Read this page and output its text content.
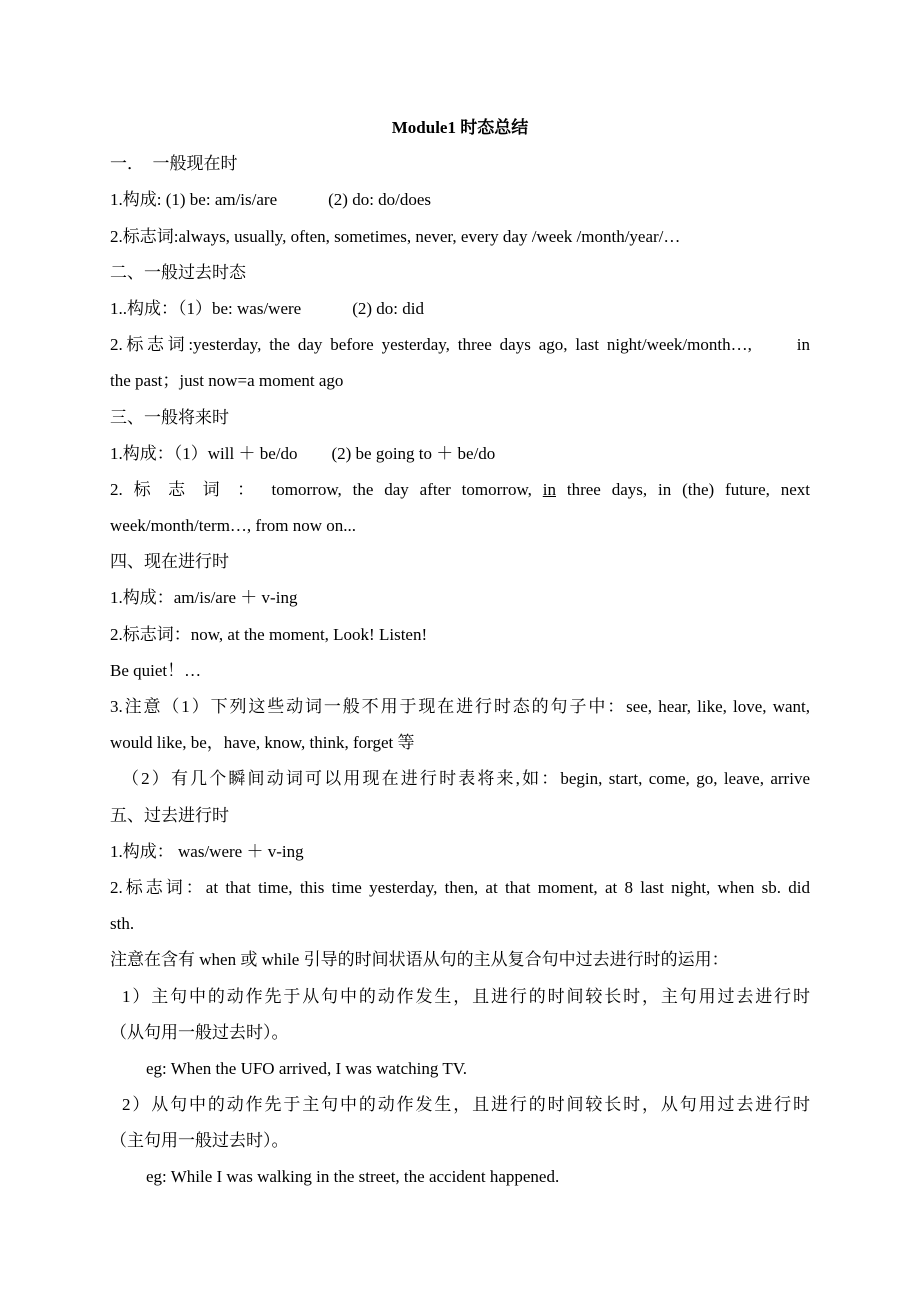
Module1 时态总结
一．　一般现在时
1.构成: (1) be: am/is/are　　　(2) do: do/does
2.标志词:always, usually, often, sometimes, never, every day /week /month/year/…
二、一般过去时态
1..构成：（1）be: was/were　　　(2) do: did
2.标志词:yesterday, the day before yesterday, three days ago, last night/week/month…,　　in
the past；just now=a moment ago
三、一般将来时
1.构成：（1）will ＋ be/do　　(2) be going to ＋ be/do
2. 标 志 词 ： tomorrow, the day after tomorrow, in three days, in (the) future, next
week/month/term…, from now on...
四、现在进行时
1.构成：am/is/are ＋ v-ing
2.标志词：now, at the moment, Look! Listen!
Be quiet！…
3.注意（1）下列这些动词一般不用于现在进行时态的句子中：see, hear, like, love, want,
would like, be，have, know, think, forget 等
（2）有几个瞬间动词可以用现在进行时表将来,如：begin, start, come, go, leave, arrive
五、过去进行时
1.构成： was/were ＋ v-ing
2.标志词：at that time, this time yesterday, then, at that moment, at 8 last night, when sb. did
sth.
注意在含有 when 或 while 引导的时间状语从句的主从复合句中过去进行时的运用：
1）主句中的动作先于从句中的动作发生，且进行的时间较长时，主句用过去进行时
（从句用一般过去时）。
eg: When the UFO arrived, I was watching TV.
2）从句中的动作先于主句中的动作发生，且进行的时间较长时，从句用过去进行时
（主句用一般过去时）。
eg: While I was walking in the street, the accident happened.
